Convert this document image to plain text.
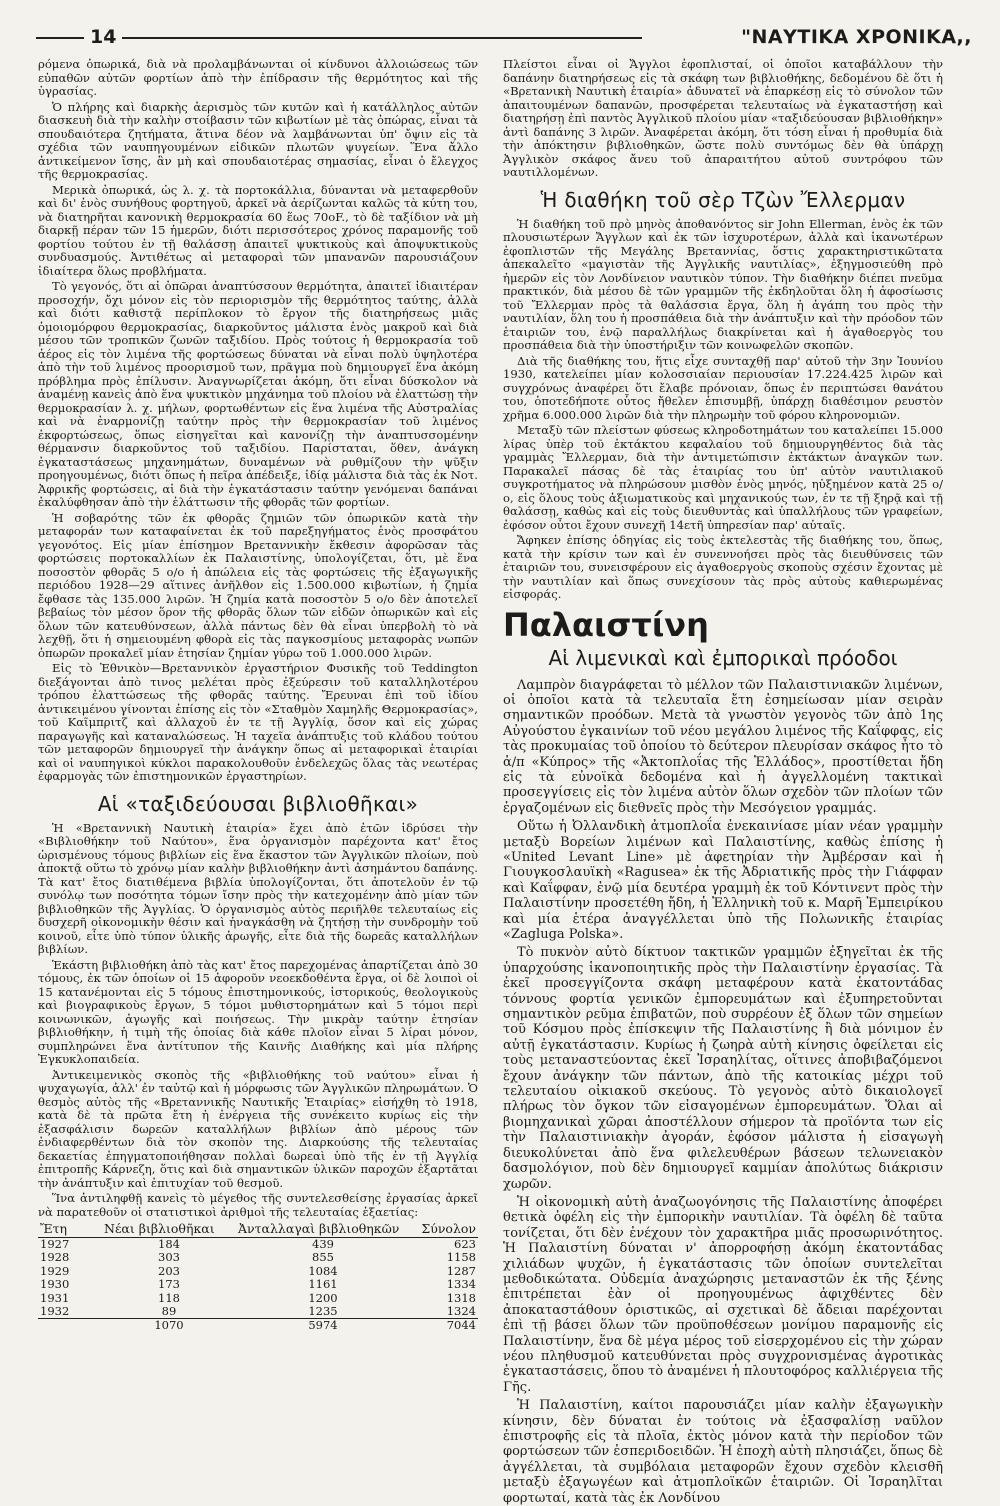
14	"ΝΑΥΤΙΚΑ ΧΡΟΝΙΚΑ,,

ρόμενα ὀπωρικά, διὰ νὰ προλαμβάνωνται οἱ κίνδυνοι ἀλλοιώσεως τῶν εὐπαθῶν αὐτῶν φορτίων ἀπὸ τὴν ἐπίδρασιν τῆς θερμότητος καὶ τῆς ὑγρασίας.

Ὁ πλήρης καὶ διαρκὴς ἀερισμὸς τῶν κυτῶν καὶ ἡ κατάλληλος αὐτῶν διασκευὴ διὰ τὴν καλὴν στοίβασιν τῶν κιβωτίων μὲ τὰς ὀπώρας, εἶναι τὰ σπουδαιότερα ζητήματα, ἅτινα δέον νὰ λαμβάνωνται ὑπ' ὄψιν εἰς τὰ σχέδια τῶν ναυπηγουμένων εἰδικῶν πλωτῶν ψυγείων. Ἕνα ἄλλο ἀντικείμενον ἴσης, ἂν μὴ καὶ σπουδαιοτέρας σημασίας, εἶναι ὁ ἔλεγχος τῆς θερμοκρασίας.

Μερικὰ ὀπωρικά, ὡς λ. χ. τὰ πορτοκάλλια, δύνανται νὰ μεταφερθοῦν καὶ δι' ἑνὸς συνήθους φορτηγοῦ, ἀρκεῖ νὰ ἀερίζωνται καλῶς τὰ κύτη του, νὰ διατηρῆται κανονικὴ θερμοκρασία 60 ἕως 70οF., τὸ δὲ ταξίδιον νὰ μὴ διαρκῇ πέραν τῶν 15 ἡμερῶν, διότι περισσότερος χρόνος παραμονῆς τοῦ φορτίου τούτου ἐν τῇ θαλάσσῃ ἀπαιτεῖ ψυκτικοὺς καὶ ἀποψυκτικοὺς συνδυασμούς. Ἀντιθέτως αἱ μεταφοραὶ τῶν μπανανῶν παρουσιάζουν ἰδιαίτερα ὅλως προβλήματα.

Τὸ γεγονός, ὅτι αἱ ὀπῶραι ἀναπτύσσουν θερμότητα, ἀπαιτεῖ ἰδιαιτέραν προσοχήν, ὄχι μόνον εἰς τὸν περιορισμὸν τῆς θερμότητος ταύτης, ἀλλὰ καὶ διότι καθιστᾷ περίπλοκον τὸ ἔργον τῆς διατηρήσεως μιᾶς ὁμοιομόρφου θερμοκρασίας, διαρκοῦντος μάλιστα ἑνὸς μακροῦ καὶ διὰ μέσου τῶν τροπικῶν ζωνῶν ταξιδίου. Πρὸς τούτοις ἡ θερμοκρασία τοῦ ἀέρος εἰς τὸν λιμένα τῆς φορτώσεως δύναται νὰ εἶναι πολὺ ὑψηλοτέρα ἀπὸ τὴν τοῦ λιμένος προορισμοῦ των, πρᾶγμα ποὺ δημιουργεῖ ἕνα ἀκόμη πρόβλημα πρὸς ἐπίλυσιν. Ἀναγνωρίζεται ἀκόμη, ὅτι εἶναι δύσκολον νὰ ἀναμένῃ κανεὶς ἀπὸ ἕνα ψυκτικὸν μηχάνημα τοῦ πλοίου νὰ ἐλαττώσῃ τὴν θερμοκρασίαν λ. χ. μήλων, φορτωθέντων εἰς ἕνα λιμένα τῆς Αὐστραλίας καὶ νὰ ἐναρμονίζῃ ταύτην πρὸς τὴν θερμοκρασίαν τοῦ λιμένος ἐκφορτώσεως, ὅπως εἰσηγεῖται καὶ κανονίζῃ τὴν ἀναπτυσσομένην θέρμανσιν διαρκοῦντος τοῦ ταξιδίου. Παρίσταται, ὅθεν, ἀνάγκη ἐγκαταστάσεως μηχανημάτων, δυναμένων νὰ ρυθμίζουν τὴν ψῦξιν προηγουμένως, διότι ὅπως ἡ πεῖρα ἀπέδειξε, ἰδίᾳ μάλιστα διὰ τὰς ἐκ Νοτ. Ἀφρικῆς φορτώσεις, αἱ διὰ τὴν ἐγκατάστασιν ταύτην γενόμεναι δαπάναι ἐκαλύφθησαν ἀπὸ τὴν ἐλάττωσιν τῆς φθορᾶς τῶν φορτίων.

Ἡ σοβαρότης τῶν ἐκ φθορᾶς ζημιῶν τῶν ὀπωρικῶν κατὰ τὴν μεταφοράν των καταφαίνεται ἐκ τοῦ παρεξηγήματος ἑνὸς προσφάτου γεγονότος. Εἰς μίαν ἐπίσημον Βρεταννικὴν ἔκθεσιν ἀφορῶσαν τὰς φορτώσεις πορτοκαλλίων ἐκ Παλαιστίνης, ὑπολογίζεται, ὅτι, μὲ ἕνα ποσοστὸν φθορᾶς 5 ο/ο ἡ ἀπώλεια εἰς τὰς φορτώσεις τῆς ἐξαγωγικῆς περιόδου 1928—29 αἵτινες ἀνῆλθον εἰς 1.500.000 κιβωτίων, ἡ ζημία ἔφθασε τὰς 135.000 λιρῶν. Ἡ ζημία κατὰ ποσοστὸν 5 ο/ο δὲν ἀποτελεῖ βεβαίως τὸν μέσον ὅρον τῆς φθορᾶς ὅλων τῶν εἰδῶν ὀπωρικῶν καὶ εἰς ὅλων τῶν κατευθύνσεων, ἀλλὰ πάντως δὲν θὰ εἶναι ὑπερβολὴ τὸ νὰ λεχθῇ, ὅτι ἡ σημειουμένη φθορὰ εἰς τὰς παγκοσμίους μεταφορὰς νωπῶν ὀπωρῶν προκαλεῖ μίαν ἐτησίαν ζημίαν γύρω τοῦ 1.000.000 λιρῶν.

Εἰς τὸ Ἐθνικὸν—Βρεταννικὸν ἐργαστήριον Φυσικῆς τοῦ Teddington διεξάγονται ἀπὸ τινος μελέται πρὸς ἐξεύρεσιν τοῦ καταλληλοτέρου τρόπου ἐλαττώσεως τῆς φθορᾶς ταύτης. Ἔρευναι ἐπὶ τοῦ ἰδίου ἀντικειμένου γίνονται ἐπίσης εἰς τὸν «Σταθμὸν Χαμηλῆς Θερμοκρασίας», τοῦ Καῖμπριτζ καὶ ἀλλαχοῦ ἐν τε τῇ Ἀγγλίᾳ, ὅσον καὶ εἰς χώρας παραγωγῆς καὶ καταναλώσεως. Ἡ ταχεῖα ἀνάπτυξις τοῦ κλάδου τούτου τῶν μεταφορῶν δημιουργεῖ τὴν ἀνάγκην ὅπως αἱ μεταφορικαὶ ἑταιρίαι καὶ οἱ ναυπηγικοὶ κύκλοι παρακολουθοῦν ἐνδελεχῶς ὅλας τὰς νεωτέρας ἐφαρμογὰς τῶν ἐπιστημονικῶν ἐργαστηρίων.

Αἱ «ταξιδεύουσαι βιβλιοθῆκαι»

Ἡ «Βρεταννικὴ Ναυτικὴ ἑταιρία» ἔχει ἀπὸ ἐτῶν ἱδρύσει τὴν «Βιβλιοθήκην τοῦ Ναύτου», ἕνα ὀργανισμὸν παρέχοντα κατ' ἔτος ὡρισμένους τόμους βιβλίων εἰς ἕνα ἕκαστον τῶν Ἀγγλικῶν πλοίων, ποὺ ἀποκτᾷ οὕτω τὸ χρόνῳ μίαν καλὴν βιβλιοθήκην ἀντὶ ἀσημάντου δαπάνης. Τὰ κατ' ἔτος διατιθέμενα βιβλία ὑπολογίζονται, ὅτι ἀποτελοῦν ἐν τῷ συνόλῳ των ποσότητα τόμων ἴσην πρὸς τὴν κατεχομένην ἀπὸ μίαν τῶν βιβλιοθηκῶν τῆς Ἀγγλίας. Ὁ ὀργανισμὸς αὐτὸς περιῆλθε τελευταίως εἰς δυσχερῆ οἰκονομικὴν θέσιν καὶ ἠναγκάσθη νὰ ζητήσῃ τὴν συνδρομὴν τοῦ κοινοῦ, εἶτε ὑπὸ τύπον ὑλικῆς ἀρωγῆς, εἶτε διὰ τῆς δωρεᾶς καταλλήλων βιβλίων.

Ἑκάστη βιβλιοθήκη ἀπὸ τὰς κατ' ἔτος παρεχομένας ἀπαρτίζεται ἀπὸ 30 τόμους, ἐκ τῶν ὁποίων οἱ 15 ἀφοροῦν νεοεκδοθέντα ἔργα, οἱ δὲ λοιποὶ οἱ 15 κατανέμονται εἰς 5 τόμους ἐπιστημονικούς, ἱστορικούς, θεολογικοὺς καὶ βιογραφικοὺς ἔργων, 5 τόμοι μυθιστορημάτων καὶ 5 τόμοι περὶ κοινωνικῶν, ἀγωγῆς καὶ ποιήσεως. Τὴν μικρὰν ταύτην ἐτησίαν βιβλιοθήκην, ἡ τιμὴ τῆς ὁποίας διὰ κάθε πλοῖον εἶναι 5 λίραι μόνον, συμπληρώνει ἕνα ἀντίτυπον τῆς Καινῆς Διαθήκης καὶ μία πλήρης Ἐγκυκλοπαιδεία.

Ἀντικειμενικὸς σκοπὸς τῆς «βιβλιοθήκης τοῦ ναύτου» εἶναι ἡ ψυχαγωγία, ἀλλ' ἐν ταὐτῷ καὶ ἡ μόρφωσις τῶν Ἀγγλικῶν πληρωμάτων. Ὁ θεσμὸς αὐτὸς τῆς «Βρεταννικῆς Ναυτικῆς Ἑταιρίας» εἰσήχθη τὸ 1918, κατὰ δὲ τὰ πρῶτα ἔτη ἡ ἐνέργεια τῆς συνέκειτο κυρίως εἰς τὴν ἐξασφάλισιν δωρεῶν καταλλήλων βιβλίων ἀπὸ μέρους τῶν ἐνδιαφερθέντων διὰ τὸν σκοπὸν της. Διαρκούσης τῆς τελευταίας δεκαετίας ἐπηγματοποιήθησαν πολλαὶ δωρεαὶ ὑπὸ τῆς ἐν τῇ Ἀγγλίᾳ ἐπιτροπῆς Κάρνεζη, ὅτις καὶ διὰ σημαντικῶν ὑλικῶν παροχῶν ἐξαρτᾶται τὴν ἀνάπτυξιν καὶ ἐπιτυχίαν τοῦ θεσμοῦ.

Ἵνα ἀντιληφθῇ κανεὶς τὸ μέγεθος τῆς συντελεσθείσης ἐργασίας ἀρκεῖ νὰ παρατεθοῦν οἱ στατιστικοὶ ἀριθμοὶ τῆς τελευταίας ἑξαετίας:

Ἔτη	Νέαι βιβλιοθῆκαι	Ἀνταλλαγαὶ βιβλιοθηκῶν	Σύνολον
1927	184	439	623
1928	303	855	1158
1929	203	1084	1287
1930	173	1161	1334
1931	118	1200	1318
1932	89	1235	1324
	1070	5974	7044

Πλείστοι εἶναι οἱ Ἄγγλοι ἐφοπλισταί, οἱ ὁποῖοι καταβάλλουν τὴν δαπάνην διατηρήσεως εἰς τὰ σκάφη των βιβλιοθήκης, δεδομένου δὲ ὅτι ἡ «Βρετανικὴ Ναυτικὴ ἑταιρία» ἀδυνατεῖ νὰ ἐπαρκέσῃ εἰς τὸ σύνολον τῶν ἀπαιτουμένων δαπανῶν, προσφέρεται τελευταίως νὰ ἐγκαταστήσῃ καὶ διατηρήσῃ ἐπὶ παντὸς Ἀγγλικοῦ πλοίου μίαν «ταξιδεύουσαν βιβλιοθήκην» ἀντὶ δαπάνης 3 λιρῶν. Ἀναφέρεται ἀκόμη, ὅτι τόση εἶναι ἡ προθυμία διὰ τὴν ἀπόκτησιν βιβλιοθηκῶν, ὥστε πολὺ συντόμως δὲν θὰ ὑπάρχῃ Ἀγγλικὸν σκάφος ἄνευ τοῦ ἀπαραιτήτου αὐτοῦ συντρόφου τῶν ναυτιλλομένων.

Ἡ διαθήκη τοῦ σὲρ Τζὼν Ἔλλερμαν

Ἡ διαθήκη τοῦ πρὸ μηνὸς ἀποθανόντος sir John Ellerman, ἑνὸς ἐκ τῶν πλουσιωτέρων Ἄγγλων καὶ ἐκ τῶν ἰσχυροτέρων, ἀλλὰ καὶ ἱκανωτέρων ἐφοπλιστῶν τῆς Μεγάλης Βρεταννίας, ὅστις χαρακτηριστικῶτατα ἀπεκαλεῖτο «μαγιστὰν τῆς Ἀγγλικῆς ναυτιλίας», ἐξηγμοσιεύθη πρὸ ἡμερῶν εἰς τὸν Λονδίνειον ναυτικὸν τύπον. Τὴν διαθήκην διέπει πνεῦμα πρακτικόν, διὰ μέσου δὲ τῶν γραμμῶν τῆς ἐκδηλοῦται ὅλη ἡ ἀφοσίωσις τοῦ Ἔλλερμαν πρὸς τὰ θαλάσσια ἔργα, ὅλη ἡ ἀγάπη του πρὸς τὴν ναυτιλίαν, ὅλη του ἡ προσπάθεια διὰ τὴν ἀνάπτυξιν καὶ τὴν πρόοδον τῶν ἑταιριῶν του, ἐνῷ παραλλήλως διακρίνεται καὶ ἡ ἀγαθοεργὸς του προσπάθεια διὰ τὴν ὑποστήριξιν τῶν κοινωφελῶν σκοπῶν.

Διὰ τῆς διαθήκης του, ἥτις εἶχε συνταχθῇ παρ' αὐτοῦ τὴν 3ην Ἰουνίου 1930, κατελείπει μίαν κολοσσιαίαν περιουσίαν 17.224.425 λιρῶν καὶ συγχρόνως ἀναφέρει ὅτι ἔλαβε πρόνοιαν, ὅπως ἐν περιπτώσει θανάτου του, ὁποτεδήποτε οὗτος ἤθελεν ἐπισυμβῇ, ὑπάρχῃ διαθέσιμον ρευστὸν χρῆμα 6.000.000 λιρῶν διὰ τὴν πληρωμὴν τοῦ φόρου κληρονομιῶν.

Μεταξὺ τῶν πλείστων φύσεως κληροδοτημάτων του καταλείπει 15.000 λίρας ὑπὲρ τοῦ ἐκτάκτου κεφαλαίου τοῦ δημιουργηθέντος διὰ τὰς γραμμὰς Ἔλλερμαν, διὰ τὴν ἀντιμετώπισιν ἐκτάκτων ἀναγκῶν των. Παρακαλεῖ πάσας δὲ τὰς ἑταιρίας του ὑπ' αὐτὸν ναυτιλιακοῦ συγκροτήματος νὰ πληρώσουν μισθὸν ἑνὸς μηνός, ηὐξημένον κατὰ 25 ο/ο, εἰς ὅλους τοὺς ἀξιωματικοὺς καὶ μηχανικούς των, ἐν τε τῇ ξηρᾷ καὶ τῇ θαλάσσῃ, καθὼς καὶ εἰς τοὺς διευθυντὰς καὶ ὑπαλλήλους τῶν γραφείων, ἐφόσον οὗτοι ἔχουν συνεχῆ 14ετῆ ὑπηρεσίαν παρ' αὐταῖς.

Ἄφηκεν ἐπίσης ὁδηγίας εἰς τοὺς ἐκτελεστὰς τῆς διαθήκης του, ὅπως, κατὰ τὴν κρίσιν των καὶ ἐν συνεννοήσει πρὸς τὰς διευθύνσεις τῶν ἑταιριῶν του, συνεισφέρουν εἰς ἀγαθοεργοὺς σκοποὺς σχέσιν ἔχοντας μὲ τὴν ναυτιλίαν καὶ ὅπως συνεχίσουν τὰς πρὸς αὐτοὺς καθιερωμένας εἰσφοράς.

Παλαιστίνη
Αἱ λιμενικαὶ καὶ ἐμπορικαὶ πρόοδοι

Λαμπρὸν διαγράφεται τὸ μέλλον τῶν Παλαιστινιακῶν λιμένων, οἱ ὁποῖοι κατὰ τὰ τελευταῖα ἔτη ἐσημείωσαν μίαν σειρὰν σημαντικῶν προόδων. Μετὰ τὰ γνωστὸν γεγονὸς τῶν ἀπὸ 1ης Αὐγούστου ἐγκαινίων τοῦ νέου μεγάλου λιμένος τῆς Καΐφφας, εἰς τὰς προκυμαίας τοῦ ὁποίου τὸ δεύτερον πλευρίσαν σκάφος ἦτο τὸ ἀ/π «Κύπρος» τῆς «Ἀκτοπλοΐας τῆς Ἑλλάδος», προστίθεται ἤδη εἰς τὰ εὐνοϊκὰ δεδομένα καὶ ἡ ἀγγελλομένη τακτικαὶ προσεγγίσεις εἰς τὸν λιμένα αὐτὸν ὅλων σχεδὸν τῶν πλοίων τῶν ἐργαζομένων εἰς διεθνεῖς πρὸς τὴν Μεσόγειον γραμμάς.

Οὕτω ἡ Ὀλλανδικὴ ἀτμοπλοΐα ἐνεκαινίασε μίαν νέαν γραμμὴν μεταξὺ Βορείων λιμένων καὶ Παλαιστίνης, καθὼς ἐπίσης ἡ «United Levant Line» μὲ ἀφετηρίαν τὴν Ἀμβέρσαν καὶ ἡ Γιουγκοσλαυϊκὴ «Ragusea» ἐκ τῆς Ἀδριατικῆς πρὸς τὴν Γιάφφαν καὶ Καΐφφαν, ἐνῷ μία δευτέρα γραμμὴ ἐκ τοῦ Κόντινεντ πρὸς τὴν Παλαιστίνην προσετέθη ἤδη, ἡ Ἑλληνικὴ τοῦ κ. Μαρῆ Ἐμπειρίκου καὶ μία ἑτέρα ἀναγγέλλεται ὑπὸ τῆς Πολωνικῆς ἑταιρίας «Zagluga Polska».

Τὸ πυκνὸν αὐτὸ δίκτυον τακτικῶν γραμμῶν ἐξηγεῖται ἐκ τῆς ὑπαρχούσης ἱκανοποιητικῆς πρὸς τὴν Παλαιστίνην ἐργασίας. Τὰ ἐκεῖ προσεγγίζοντα σκάφη μεταφέρουν κατὰ ἑκατοντάδας τόννους φορτία γενικῶν ἐμπορευμάτων καὶ ἐξυπηρετοῦνται σημαντικὸν ρεῦμα ἐπιβατῶν, ποὺ συρρέουν ἐξ ὅλων τῶν σημείων τοῦ Κόσμου πρὸς ἐπίσκεψιν τῆς Παλαιστίνης ἢ διὰ μόνιμον ἐν αὐτῇ ἐγκατάστασιν. Κυρίως ἡ ζωηρὰ αὐτὴ κίνησις ὀφείλεται εἰς τοὺς μεταναστεύοντας ἐκεῖ Ἰσραηλίτας, οἵτινες ἀποβιβαζόμενοι ἔχουν ἀνάγκην τῶν πάντων, ἀπὸ τῆς κατοικίας μέχρι τοῦ τελευταίου οἰκιακοῦ σκεύους. Τὸ γεγονὸς αὐτὸ δικαιολογεῖ πλήρως τὸν ὄγκον τῶν εἰσαγομένων ἐμπορευμάτων. Ὅλαι αἱ βιομηχανικαὶ χῶραι ἀποστέλλουν σήμερον τὰ προϊόντα των εἰς τὴν Παλαιστινιακὴν ἀγοράν, ἐφόσον μάλιστα ἡ εἰσαγωγὴ διευκολύνεται ἀπὸ ἕνα φιλελευθέρων βάσεων τελωνειακὸν δασμολόγιον, ποὺ δὲν δημιουργεῖ καμμίαν ἀπολύτως διάκρισιν χωρῶν.

Ἡ οἰκονομικὴ αὐτὴ ἀναζωογόνησις τῆς Παλαιστίνης ἀποφέρει θετικὰ ὀφέλη εἰς τὴν ἐμπορικὴν ναυτιλίαν. Τὰ ὀφέλη δὲ ταῦτα τονίζεται, ὅτι δὲν ἐνέχουν τὸν χαρακτῆρα μιᾶς προσωρινότητος. Ἡ Παλαιστίνη δύναται ν' ἀπορροφήσῃ ἀκόμη ἑκατοντάδας χιλιάδων ψυχῶν, ἡ ἐγκατάστασις τῶν ὁποίων συντελεῖται μεθοδικώτατα. Οὐδεμία ἀναχώρησις μεταναστῶν ἐκ τῆς ξένης ἐπιτρέπεται ἐὰν οἱ προηγουμένως ἀφιχθέντες δὲν ἀποκαταστάθουν ὁριστικῶς, αἱ σχετικαὶ δὲ ἄδειαι παρέχονται ἐπὶ τῇ βάσει ὅλων τῶν προϋποθέσεων μονίμου παραμονῆς εἰς Παλαιστίνην, ἕνα δὲ μέγα μέρος τοῦ εἰσερχομένου εἰς τὴν χώραν νέου πληθυσμοῦ κατευθύνεται πρὸς συγχρονισμένας ἀγροτικὰς ἐγκαταστάσεις, ὅπου τὸ ἀναμένει ἡ πλουτοφόρος καλλιέργεια τῆς Γῆς.

Ἡ Παλαιστίνη, καίτοι παρουσιάζει μίαν καλὴν ἐξαγωγικὴν κίνησιν, δὲν δύναται ἐν τούτοις νὰ ἐξασφαλίσῃ ναῦλον ἐπιστροφῆς εἰς τὰ πλοῖα, ἐκτὸς μόνον κατὰ τὴν περίοδον τῶν φορτώσεων τῶν ἐσπεριδοειδῶν. Ἡ ἐποχὴ αὐτὴ πλησιάζει, ὅπως δὲ ἀγγέλλεται, τὰ συμβόλαια μεταφορῶν ἔχουν σχεδὸν κλεισθῆ μεταξὺ ἐξαγωγέων καὶ ἀτμοπλοϊκῶν ἑταιριῶν. Οἱ Ἰσραηλῖται φορτωταί, κατὰ τὰς ἐκ Λονδίνου
